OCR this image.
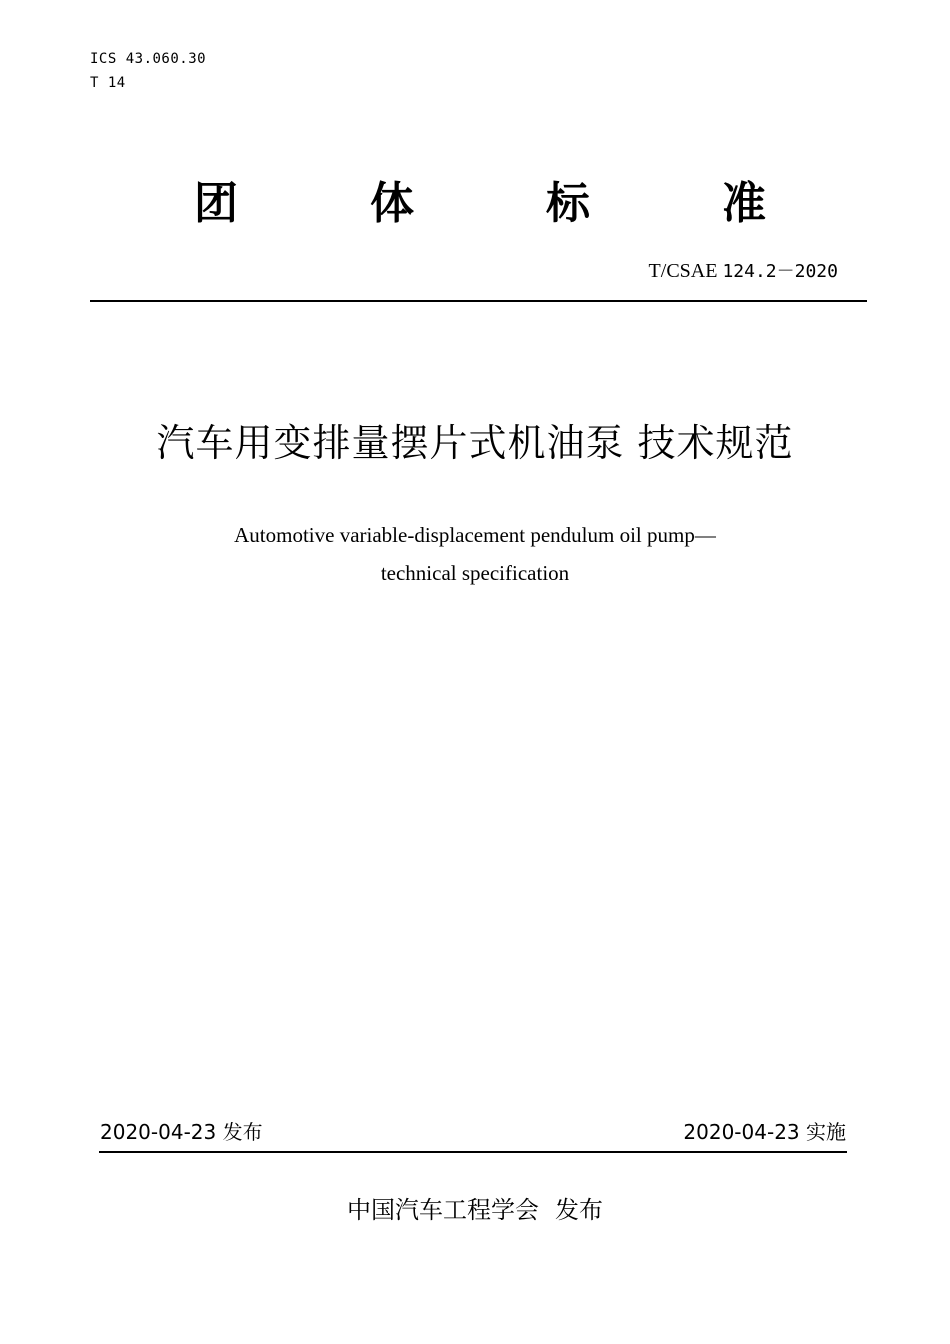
ICS 43.060.30
T 14
团	体	标	准
T/CSAE 124.2－2020
汽车用变排量摆片式机油泵 技术规范
Automotive variable-displacement pendulum oil pump—
technical specification
2020-04-23 发布	2020-04-23 实施
中国汽车工程学会 发布
